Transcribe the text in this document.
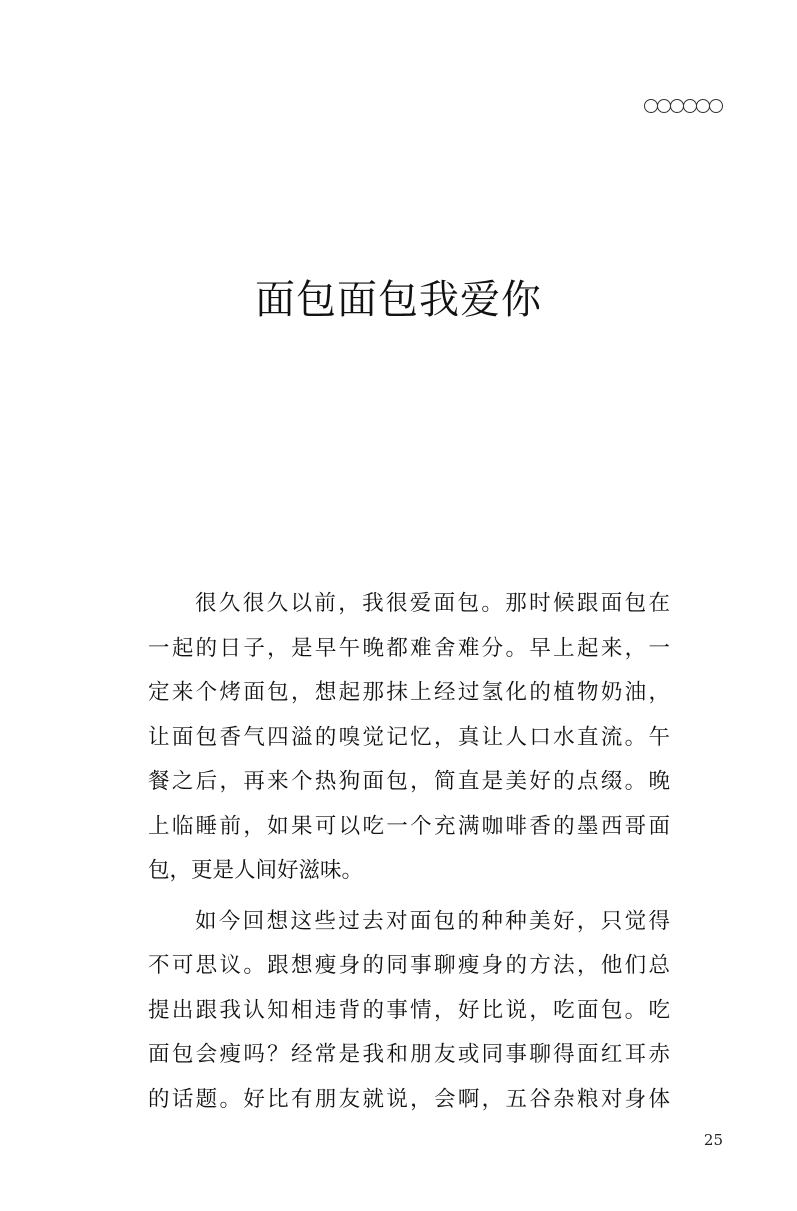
面包面包我爱你

很久很久以前，我很爱面包。那时候跟面包在
一起的日子，是早午晚都难舍难分。早上起来，一
定来个烤面包，想起那抹上经过氢化的植物奶油，
让面包香气四溢的嗅觉记忆，真让人口水直流。午
餐之后，再来个热狗面包，简直是美好的点缀。晚
上临睡前，如果可以吃一个充满咖啡香的墨西哥面
包，更是人间好滋味。

如今回想这些过去对面包的种种美好，只觉得
不可思议。跟想瘦身的同事聊瘦身的方法，他们总
提出跟我认知相违背的事情，好比说，吃面包。吃
面包会瘦吗？经常是我和朋友或同事聊得面红耳赤
的话题。好比有朋友就说，会啊，五谷杂粮对身体

25
